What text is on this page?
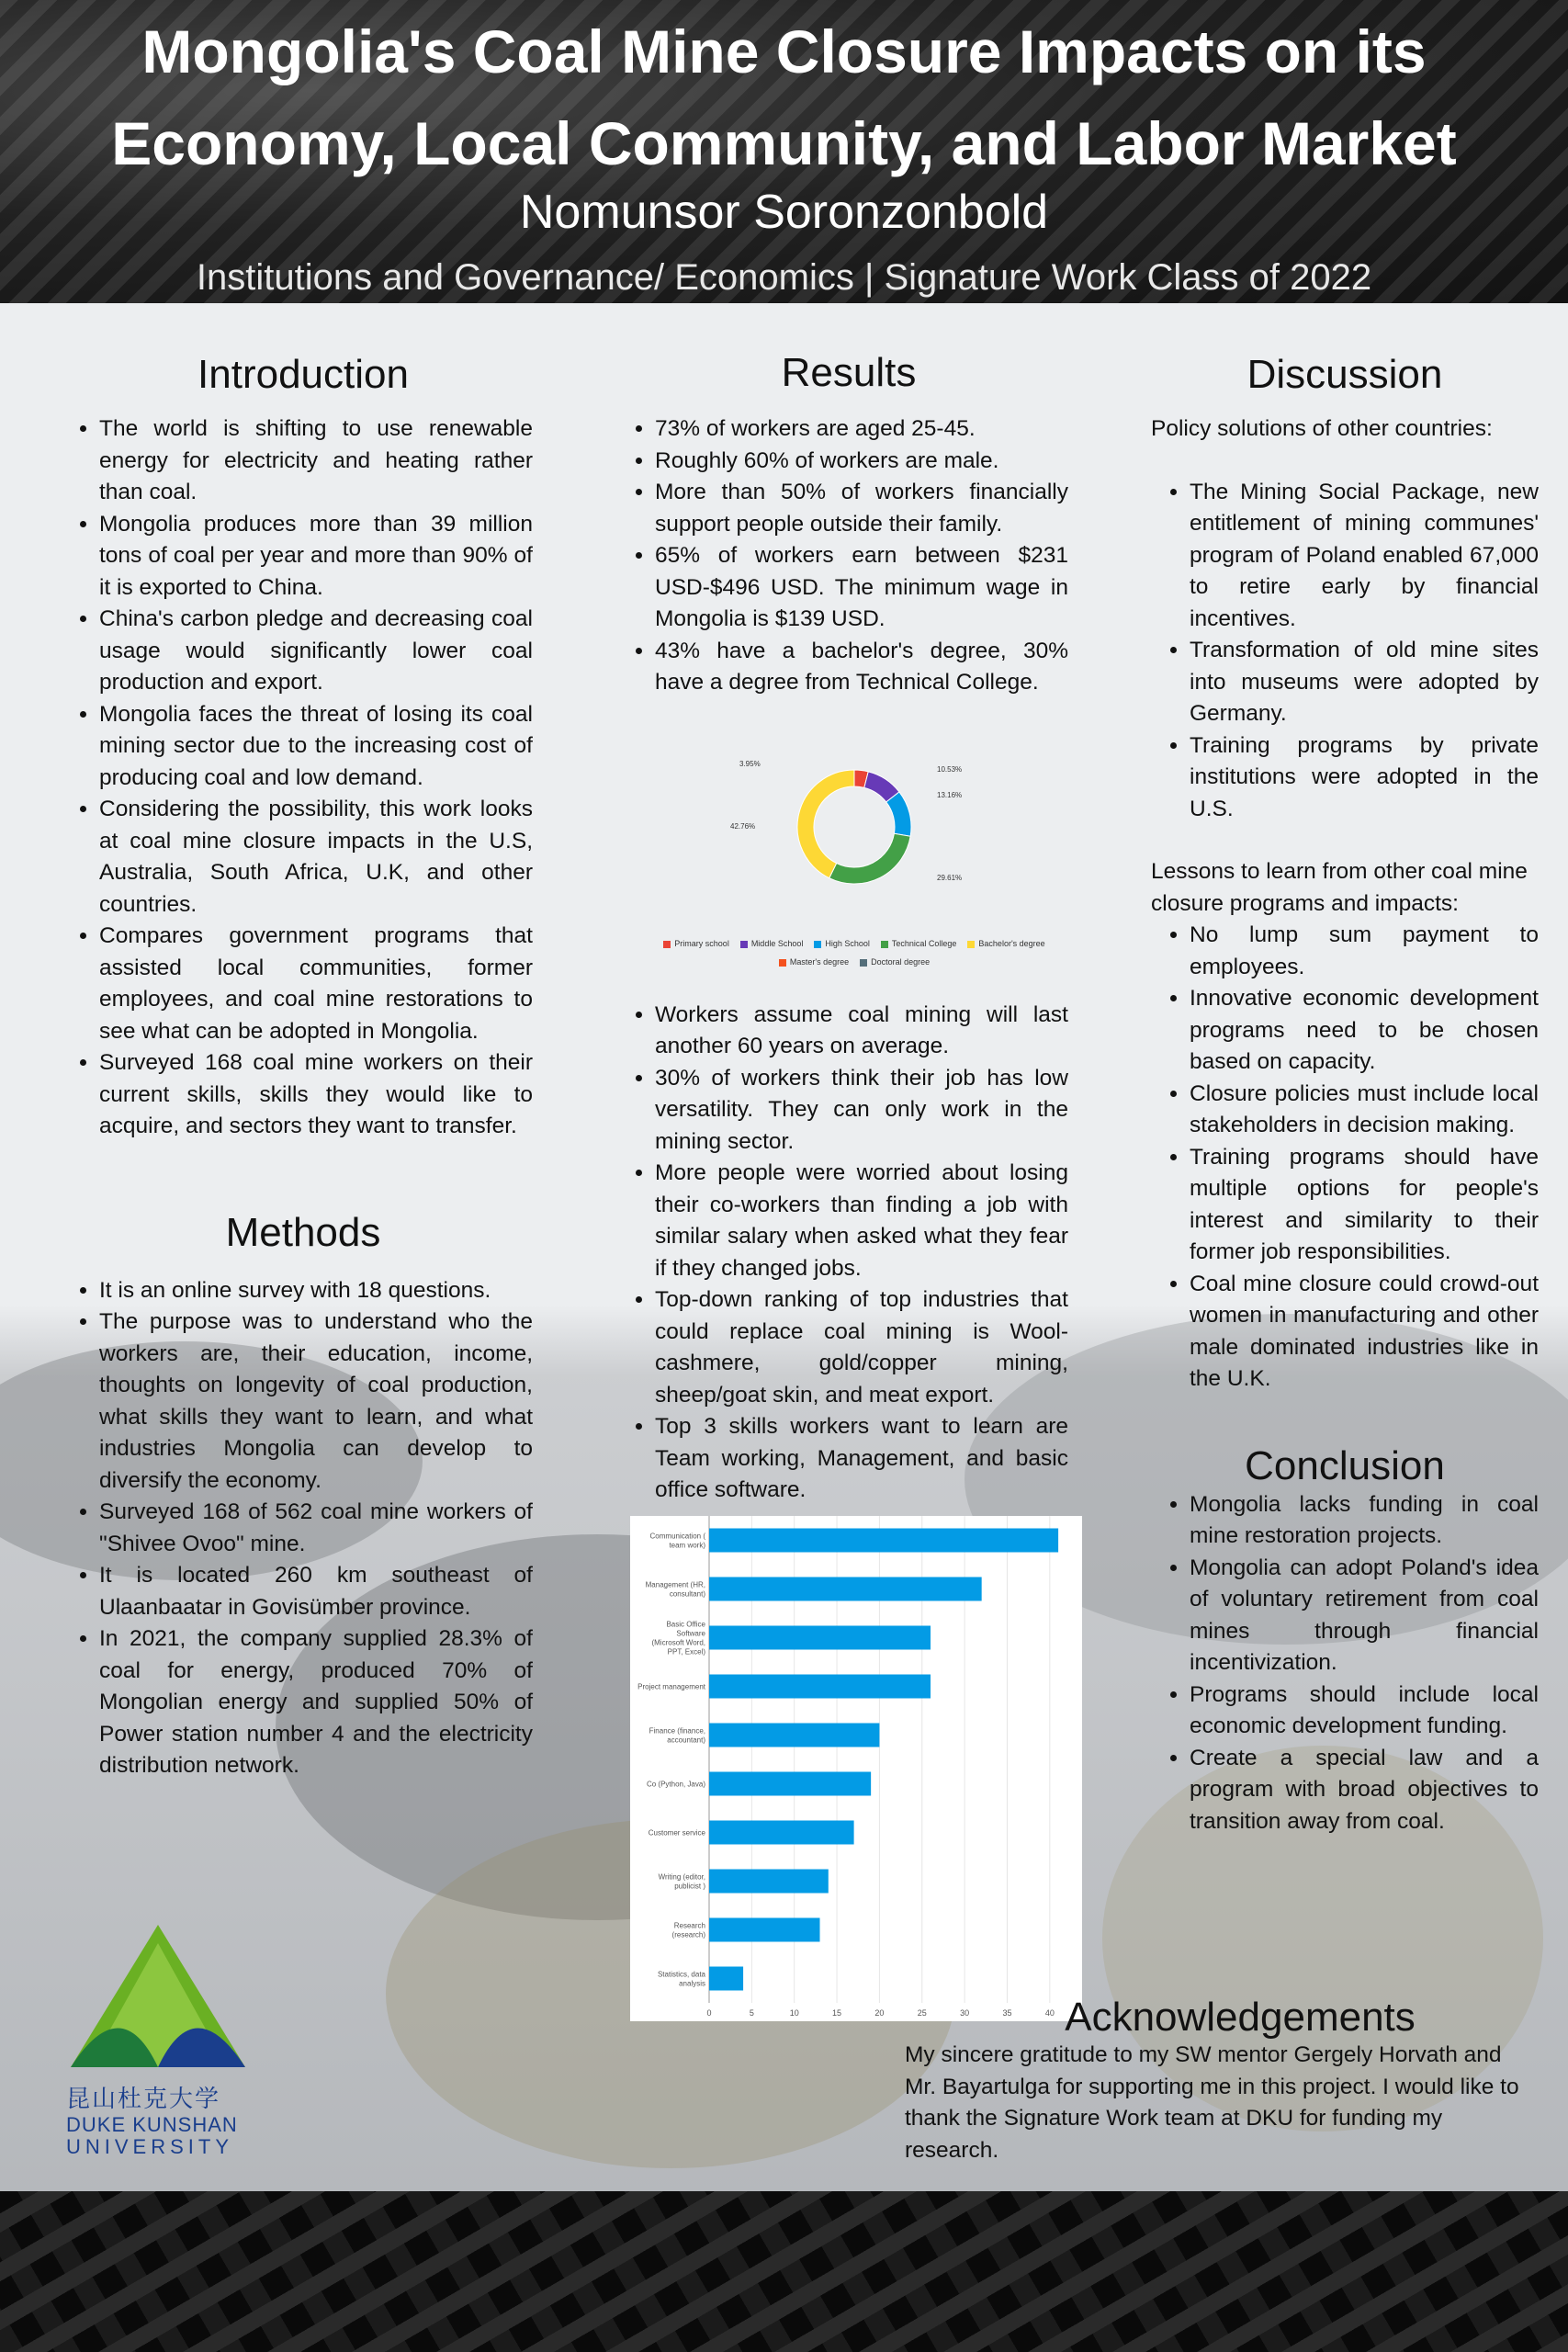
Mongolia's Coal Mine Closure Impacts on its Economy, Local Community, and Labor Market
Nomunsor Soronzonbold
Institutions and Governance/ Economics | Signature Work Class of 2022
Introduction
• The world is shifting to use renewable energy for electricity and heating rather than coal.
• Mongolia produces more than 39 million tons of coal per year and more than 90% of it is exported to China.
• China's carbon pledge and decreasing coal usage would significantly lower coal production and export.
• Mongolia faces the threat of losing its coal mining sector due to the increasing cost of producing coal and low demand.
• Considering the possibility, this work looks at coal mine closure impacts in the U.S, Australia, South Africa, U.K, and other countries.
• Compares government programs that assisted local communities, former employees, and coal mine restorations to see what can be adopted in Mongolia.
• Surveyed 168 coal mine workers on their current skills, skills they would like to acquire, and sectors they want to transfer.
Methods
• It is an online survey with 18 questions.
• The purpose was to understand who the workers are, their education, income, thoughts on longevity of coal production, what skills they want to learn, and what industries Mongolia can develop to diversify the economy.
• Surveyed 168 of 562 coal mine workers of "Shivee Ovoo" mine.
• It is located 260 km southeast of Ulaanbaatar in Govisümber province.
• In 2021, the company supplied 28.3% of coal for energy, produced 70% of Mongolian energy and supplied 50% of Power station number 4 and the electricity distribution network.
Results
• 73% of workers are aged 25-45.
• Roughly 60% of workers are male.
• More than 50% of workers financially support people outside their family.
• 65% of workers earn between $231 USD-$496 USD. The minimum wage in Mongolia is $139 USD.
• 43% have a bachelor's degree, 30% have a degree from Technical College.
• Workers assume coal mining will last another 60 years on average.
• 30% of workers think their job has low versatility. They can only work in the mining sector.
• More people were worried about losing their co-workers than finding a job with similar salary when asked what they fear if they changed jobs.
• Top-down ranking of top industries that could replace coal mining is Wool-cashmere, gold/copper mining, sheep/goat skin, and meat export.
• Top 3 skills workers want to learn are Team working, Management, and basic office software.
3.95%
10.53%
13.16%
29.61%
42.76%
Primary school	Middle School	High School	Technical College	Bachelor's degree
Master's degree	Doctoral degree
0	5	10	15	20	25	30	35	40
Communication ( team work)
Management (HR, consultant)
Basic Office Software (Microsoft Word, PPT, Excel)
Project management
Finance (finance, accountant)
Co (Python, Java)
Customer service
Writing (editor, publicist )
Research (research)
Statistics, data analysis
Discussion

Policy solutions of other countries:

• The Mining Social Package, new entitlement of mining communes' program of Poland enabled 67,000 to retire early by financial incentives.
• Transformation of old mine sites into museums were adopted by Germany.
• Training programs by private institutions were adopted in the U.S.

Lessons to learn from other coal mine closure programs and impacts:

• No lump sum payment to employees.
• Innovative economic development programs need to be chosen based on capacity.
• Closure policies must include local stakeholders in decision making.
• Training programs should have multiple options for people's interest and similarity to their former job responsibilities.
• Coal mine closure could crowd-out women in manufacturing and other male dominated industries like in the U.K.
Conclusion
• Mongolia lacks funding in coal mine restoration projects.
• Mongolia can adopt Poland's idea of voluntary retirement from coal mines through financial incentivization.
• Programs should include local economic development funding.
• Create a special law and a program with broad objectives to transition away from coal.
Acknowledgements

My sincere gratitude to my SW mentor Gergely Horvath and Mr. Bayartulga for supporting me in this project. I would like to thank the Signature Work team at DKU for funding my research.

昆山杜克大学
DUKE KUNSHAN
UNIVERSITY
